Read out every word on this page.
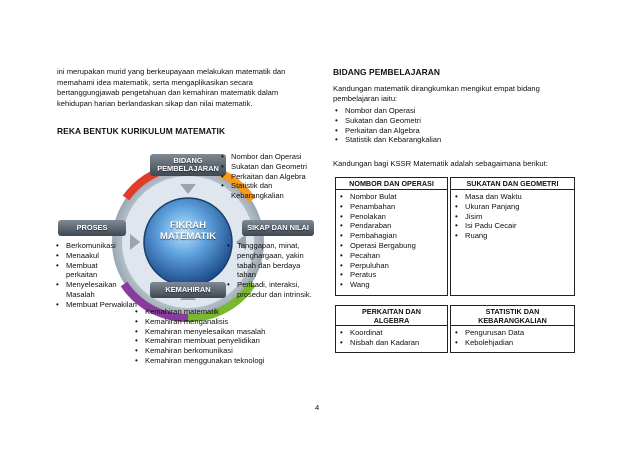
ini merupakan murid yang berkeupayaan melakukan matematik dan
memahami idea matematik, serta mengaplikasikan secara
bertanggungjawab pengetahuan dan kemahiran matematik dalam
kehidupan harian berlandaskan sikap dan nilai matematik.
REKA BENTUK KURIKULUM MATEMATIK
BIDANG
PEMBELAJARAN
PROSES	SIKAP DAN NILAI
KEMAHIRAN
FIKRAH
MATEMATIK
• Nombor dan Operasi
• Sukatan dan Geometri
• Perkaitan dan Algebra
• Statistik dan
Kebarangkalian
• Berkomunikasi
• Menaakul
• Membuat
perkaitan
• Menyelesaikan
Masalah
• Membuat Perwakilan
• Tanggapan, minat,
penghargaan, yakin
tabah dan berdaya
tahan
• Peribadi, interaksi,
prosedur dan intrinsik.
• Kemahiran matematik
• Kemahiran menganalisis
• Kemahiran menyelesaikan masalah
• Kemahiran membuat penyelidikan
• Kemahiran berkomunikasi
• Kemahiran menggunakan teknologi
BIDANG PEMBELAJARAN
Kandungan matematik dirangkumkan mengikut empat bidang
pembelajaran iaitu:
• Nombor dan Operasi
• Sukatan dan Geometri
• Perkaitan dan Algebra
• Statistik dan Kebarangkalian
Kandungan bagi KSSR Matematik adalah sebagaimana berikut:
NOMBOR DAN OPERASI
• Nombor Bulat
• Penambahan
• Penolakan
• Pendaraban
• Pembahagian
• Operasi Bergabung
• Pecahan
• Perpuluhan
• Peratus
• Wang
SUKATAN DAN GEOMETRI
• Masa dan Waktu
• Ukuran Panjang
• Jisim
• Isi Padu Cecair
• Ruang
PERKAITAN DAN
ALGEBRA
• Koordinat
• Nisbah dan Kadaran
STATISTIK DAN
KEBARANGKALIAN
• Pengurusan Data
• Kebolehjadian
4
